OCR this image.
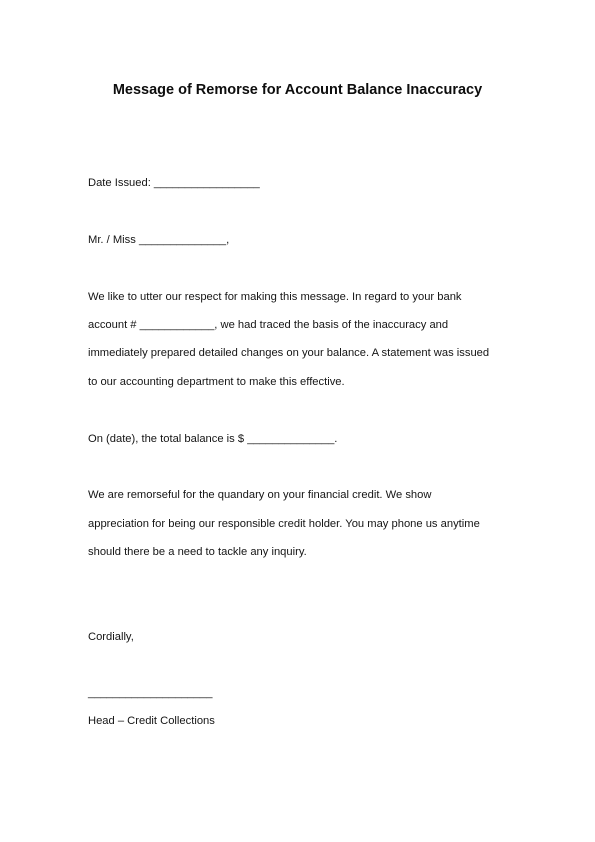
Message of Remorse for Account Balance Inaccuracy
Date Issued: _________________
Mr. / Miss ______________,
We like to utter our respect for making this message. In regard to your bank
account # ____________, we had traced the basis of the inaccuracy and
immediately prepared detailed changes on your balance. A statement was issued
to our accounting department to make this effective.
On (date), the total balance is $ ______________.
We are remorseful for the quandary on your financial credit. We show
appreciation for being our responsible credit holder. You may phone us anytime
should there be a need to tackle any inquiry.
Cordially,
____________________
Head – Credit Collections
